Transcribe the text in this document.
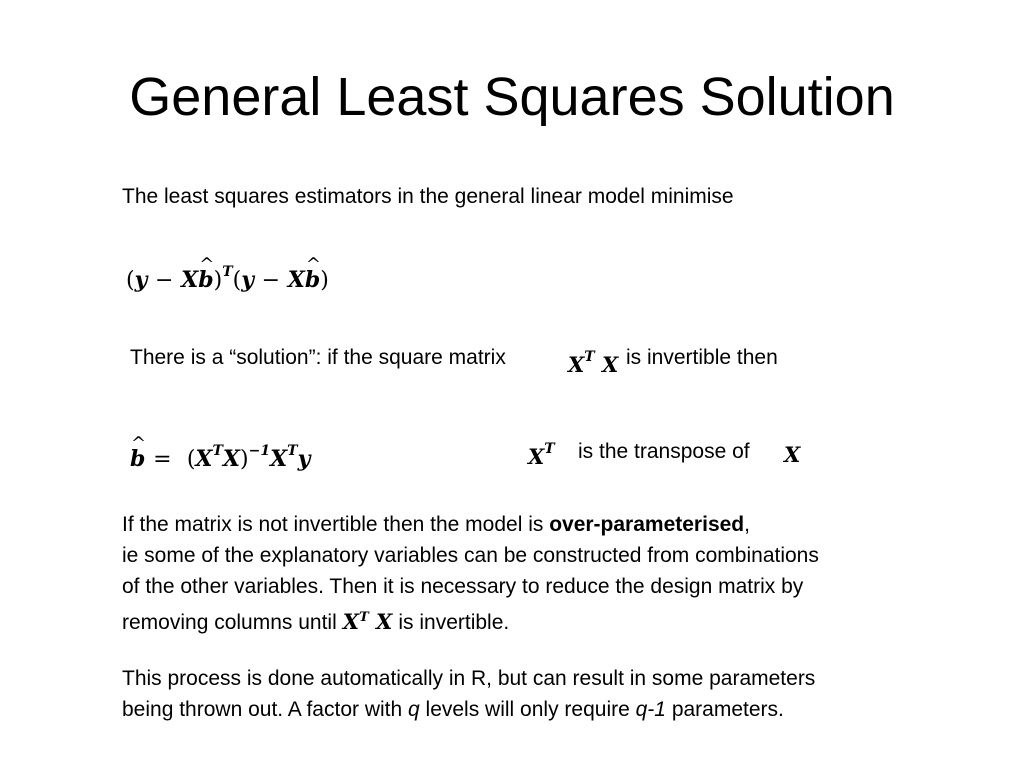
General Least Squares Solution
The least squares estimators in the general linear model minimise
(y − X^ b)$^T$(y − X^ b)
There is a “solution”: if the square matrix	$X^T$ X is invertible then
^ $b = (X^TX)^{-1}X^Ty$	$X^T$ is the transpose of X
If the matrix is not invertible then the model is over-parameterised,
ie some of the explanatory variables can be constructed from combinations
of the other variables. Then it is necessary to reduce the design matrix by
removing columns until $X^T$ X is invertible.
This process is done automatically in R, but can result in some parameters
being thrown out. A factor with q levels will only require q-1 parameters.
